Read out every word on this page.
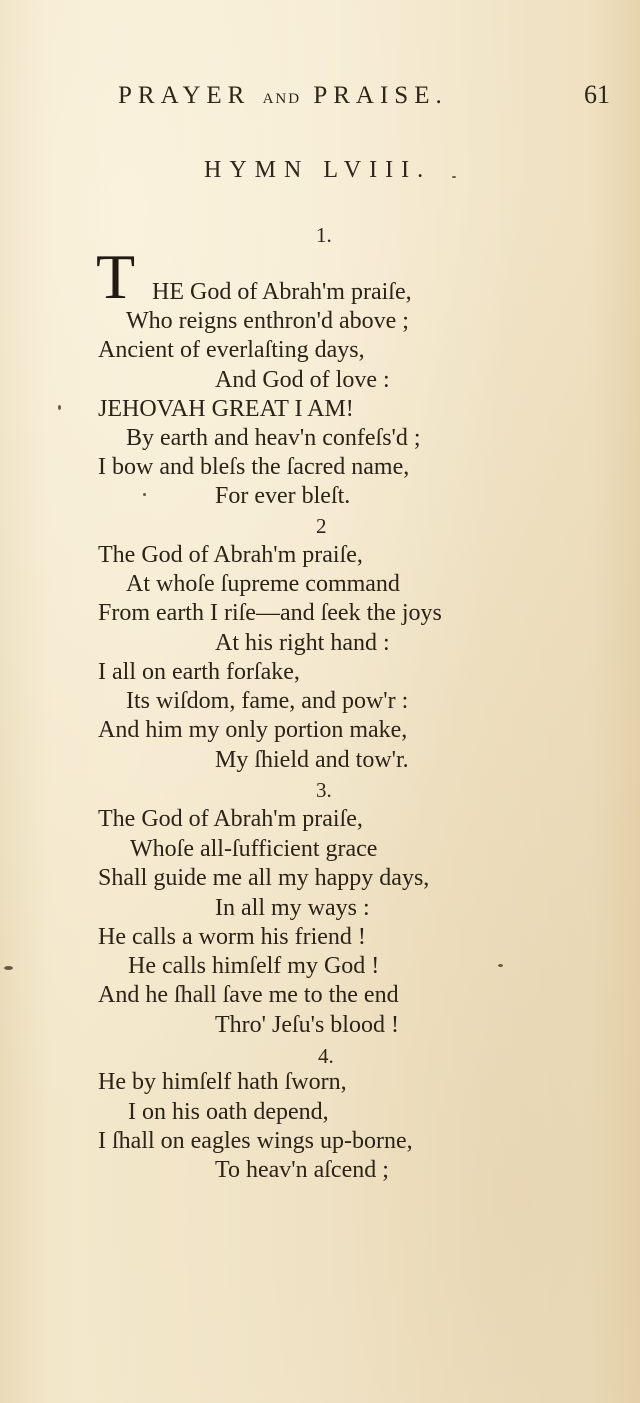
PRAYER AND PRAISE.	61
HYMN LVIII.
1.
T HE God of Abrah'm praiſe,
Who reigns enthron'd above ;
Ancient of everlaſting days,
And God of love :
JEHOVAH GREAT I AM!
By earth and heav'n confeſs'd ;
I bow and bleſs the ſacred name,
For ever bleſt.
2
The God of Abrah'm praiſe,
At whoſe ſupreme command
From earth I riſe—and ſeek the joys
At his right hand :
I all on earth forſake,
Its wiſdom, fame, and pow'r :
And him my only portion make,
My ſhield and tow'r.
3.
The God of Abrah'm praiſe,
Whoſe all-ſufficient grace
Shall guide me all my happy days,
In all my ways :
He calls a worm his friend !
He calls himſelf my God !
And he ſhall ſave me to the end
Thro' Jeſu's blood !
4.
He by himſelf hath ſworn,
I on his oath depend,
I ſhall on eagles wings up-borne,
To heav'n aſcend ;
